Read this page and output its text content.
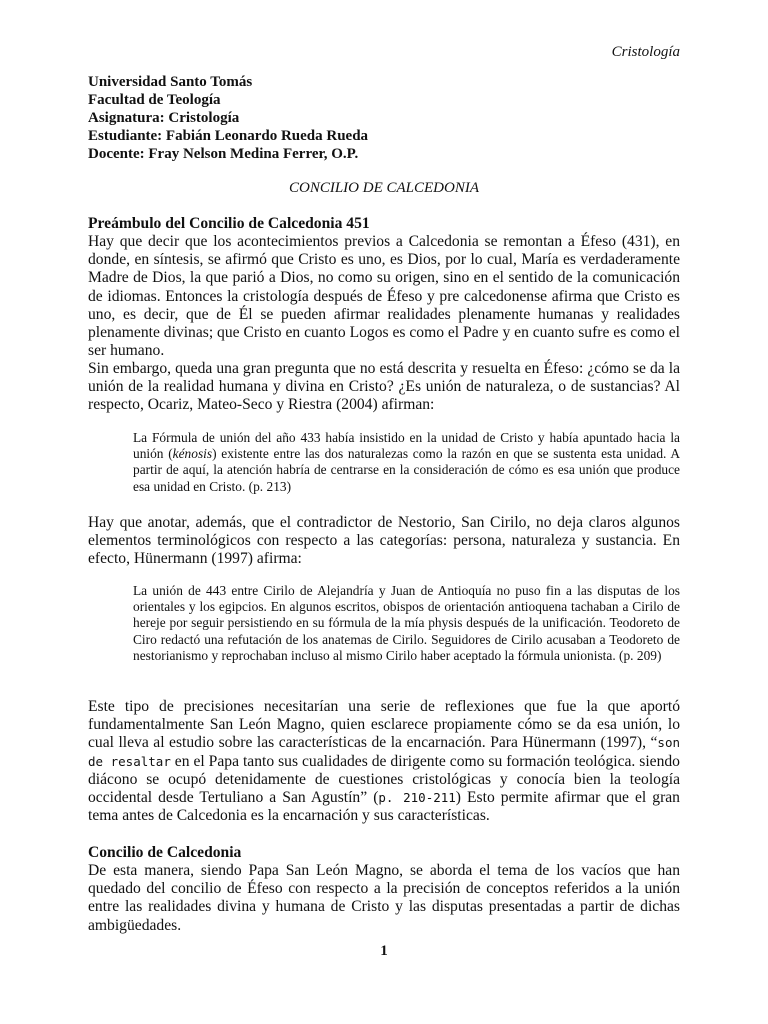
Cristología
Universidad Santo Tomás
Facultad de Teología
Asignatura: Cristología
Estudiante: Fabián Leonardo Rueda Rueda
Docente: Fray Nelson Medina Ferrer, O.P.
CONCILIO DE CALCEDONIA
Preámbulo del Concilio de Calcedonia 451

Hay que decir que los acontecimientos previos a Calcedonia se remontan a Éfeso (431), en donde, en síntesis, se afirmó que Cristo es uno, es Dios, por lo cual, María es verdaderamente Madre de Dios, la que parió a Dios, no como su origen, sino en el sentido de la comunicación de idiomas. Entonces la cristología después de Éfeso y pre calcedonense afirma que Cristo es uno, es decir, que de Él se pueden afirmar realidades plenamente humanas y realidades plenamente divinas; que Cristo en cuanto Logos es como el Padre y en cuanto sufre es como el ser humano.

Sin embargo, queda una gran pregunta que no está descrita y resuelta en Éfeso: ¿cómo se da la unión de la realidad humana y divina en Cristo? ¿Es unión de naturaleza, o de sustancias? Al respecto, Ocariz, Mateo-Seco y Riestra (2004) afirman:

La Fórmula de unión del año 433 había insistido en la unidad de Cristo y había apuntado hacia la unión (kénosis) existente entre las dos naturalezas como la razón en que se sustenta esta unidad. A partir de aquí, la atención habría de centrarse en la consideración de cómo es esa unión que produce esa unidad en Cristo. (p. 213)

Hay que anotar, además, que el contradictor de Nestorio, San Cirilo, no deja claros algunos elementos terminológicos con respecto a las categorías: persona, naturaleza y sustancia. En efecto, Hünermann (1997) afirma:

La unión de 443 entre Cirilo de Alejandría y Juan de Antioquía no puso fin a las disputas de los orientales y los egipcios. En algunos escritos, obispos de orientación antioquena tachaban a Cirilo de hereje por seguir persistiendo en su fórmula de la mía physis después de la unificación. Teodoreto de Ciro redactó una refutación de los anatemas de Cirilo. Seguidores de Cirilo acusaban a Teodoreto de nestorianismo y reprochaban incluso al mismo Cirilo haber aceptado la fórmula unionista. (p. 209)

Este tipo de precisiones necesitarían una serie de reflexiones que fue la que aportó fundamentalmente San León Magno, quien esclarece propiamente cómo se da esa unión, lo cual lleva al estudio sobre las características de la encarnación. Para Hünermann (1997), “son de resaltar en el Papa tanto sus cualidades de dirigente como su formación teológica. siendo diácono se ocupó detenidamente de cuestiones cristológicas y conocía bien la teología occidental desde Tertuliano a San Agustín” (p. 210-211) Esto permite afirmar que el gran tema antes de Calcedonia es la encarnación y sus características.

Concilio de Calcedonia

De esta manera, siendo Papa San León Magno, se aborda el tema de los vacíos que han quedado del concilio de Éfeso con respecto a la precisión de conceptos referidos a la unión entre las realidades divina y humana de Cristo y las disputas presentadas a partir de dichas ambigüedades.

1
